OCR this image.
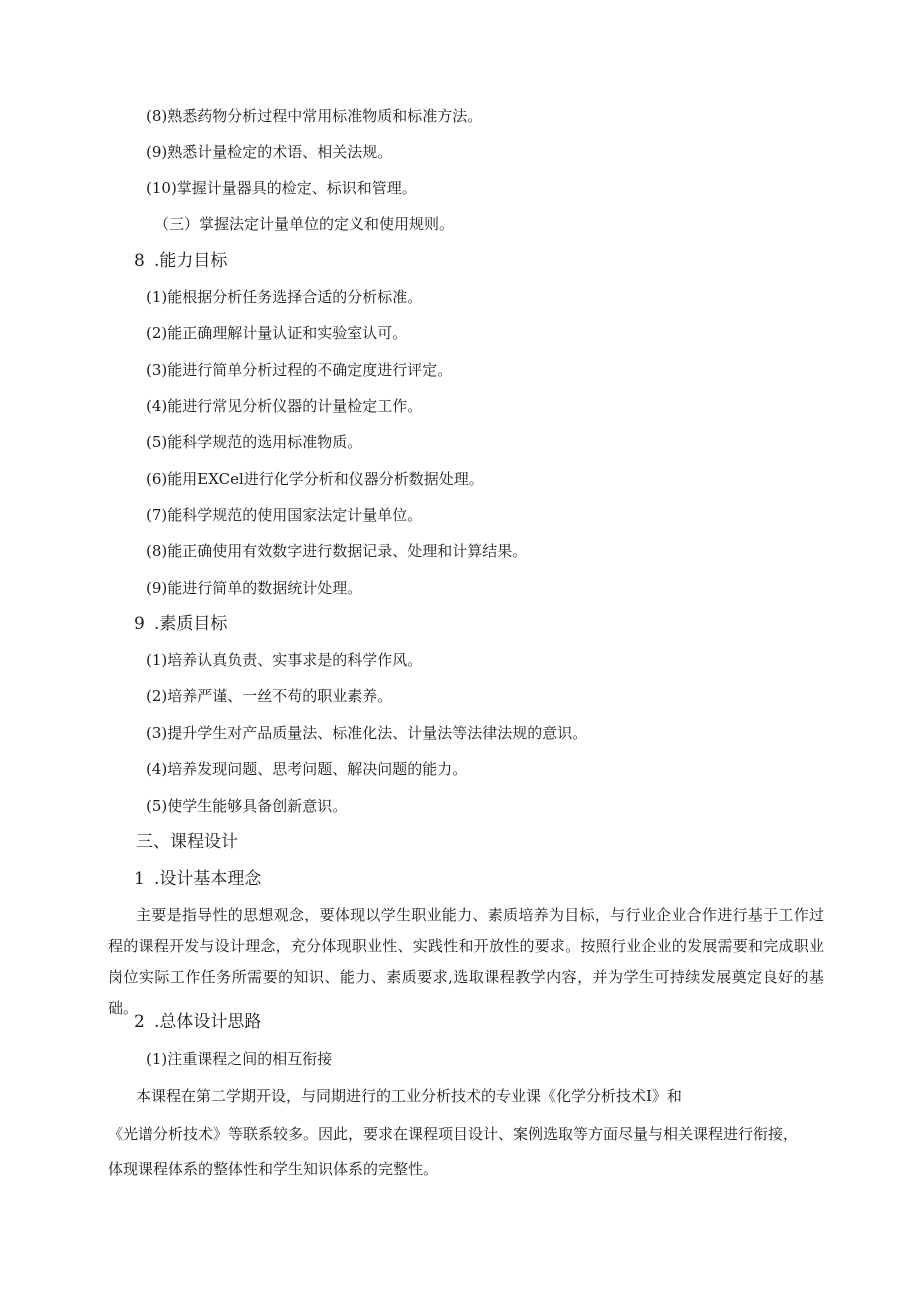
(8)熟悉药物分析过程中常用标准物质和标准方法。
(9)熟悉计量检定的术语、相关法规。
(10)掌握计量器具的检定、标识和管理。
（三）掌握法定计量单位的定义和使用规则。
8 .能力目标
(1)能根据分析任务选择合适的分析标准。
(2)能正确理解计量认证和实验室认可。
(3)能进行简单分析过程的不确定度进行评定。
(4)能进行常见分析仪器的计量检定工作。
(5)能科学规范的选用标准物质。
(6)能用EXCel进行化学分析和仪器分析数据处理。
(7)能科学规范的使用国家法定计量单位。
(8)能正确使用有效数字进行数据记录、处理和计算结果。
(9)能进行简单的数据统计处理。
9 .素质目标
(1)培养认真负责、实事求是的科学作风。
(2)培养严谨、一丝不苟的职业素养。
(3)提升学生对产品质量法、标准化法、计量法等法律法规的意识。
(4)培养发现问题、思考问题、解决问题的能力。
(5)使学生能够具备创新意识。
三、课程设计
1 .设计基本理念
主要是指导性的思想观念，要体现以学生职业能力、素质培养为目标，与行业企业合作进行基于工作过程的课程开发与设计理念，充分体现职业性、实践性和开放性的要求。按照行业企业的发展需要和完成职业岗位实际工作任务所需要的知识、能力、素质要求,选取课程教学内容，并为学生可持续发展奠定良好的基础。
2 .总体设计思路
(1)注重课程之间的相互衔接
本课程在第二学期开设，与同期进行的工业分析技术的专业课《化学分析技术I》和
《光谱分析技术》等联系较多。因此，要求在课程项目设计、案例选取等方面尽量与相关课程进行衔接，
体现课程体系的整体性和学生知识体系的完整性。
